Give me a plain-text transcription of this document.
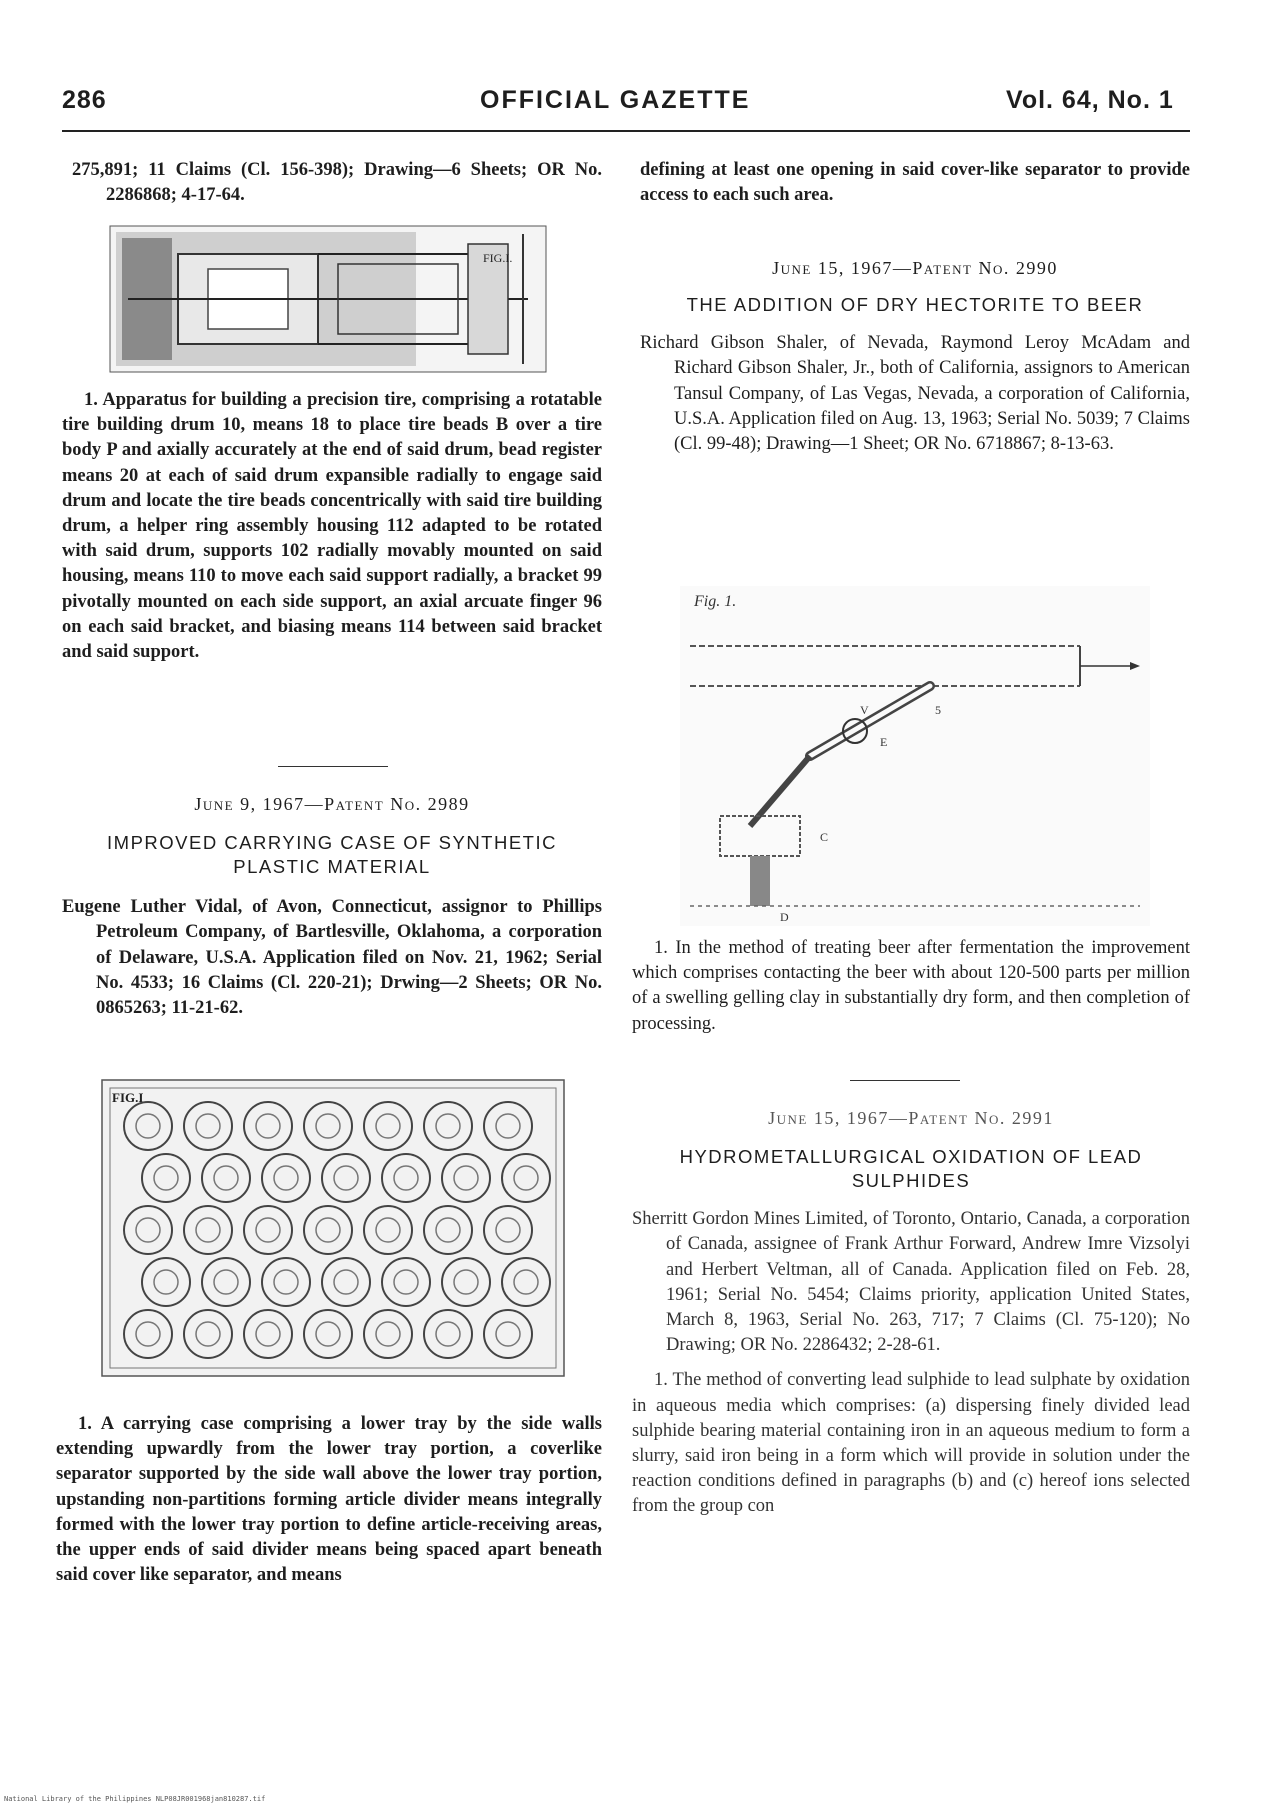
286	OFFICIAL GAZETTE	Vol. 64, No. 1

275,891; 11 Claims (Cl. 156-398); Drawing—6 Sheets; OR No. 2286868; 4-17-64.

FIG.I.

1. Apparatus for building a precision tire, comprising a rotatable tire building drum 10, means 18 to place tire beads B over a tire body P and axially accurately at the end of said drum, bead register means 20 at each of said drum expansible radially to engage said drum and locate the tire beads concentrically with said tire building drum, a helper ring assembly housing 112 adapted to be rotated with said drum, supports 102 radially movably mounted on said housing, means 110 to move each said support radially, a bracket 99 pivotally mounted on each side support, an axial arcuate finger 96 on each said bracket, and biasing means 114 between said bracket and said support.

June 9, 1967—Patent No. 2989

IMPROVED CARRYING CASE OF SYNTHETIC PLASTIC MATERIAL

Eugene Luther Vidal, of Avon, Connecticut, assignor to Phillips Petroleum Company, of Bartlesville, Oklahoma, a corporation of Delaware, U.S.A. Application filed on Nov. 21, 1962; Serial No. 4533; 16 Claims (Cl. 220-21); Drwing—2 Sheets; OR No. 0865263; 11-21-62.

FIG.I

1. A carrying case comprising a lower tray by the side walls extending upwardly from the lower tray portion, a coverlike separator supported by the side wall above the lower tray portion, upstanding non-partitions forming article divider means integrally formed with the lower tray portion to define article-receiving areas, the upper ends of said divider means being spaced apart beneath said cover like separator, and means

defining at least one opening in said cover-like separator to provide access to each such area.

June 15, 1967—Patent No. 2990

THE ADDITION OF DRY HECTORITE TO BEER

Richard Gibson Shaler, of Nevada, Raymond Leroy McAdam and Richard Gibson Shaler, Jr., both of California, assignors to American Tansul Company, of Las Vegas, Nevada, a corporation of California, U.S.A. Application filed on Aug. 13, 1963; Serial No. 5039; 7 Claims (Cl. 99-48); Drawing—1 Sheet; OR No. 6718867; 8-13-63.

Fig. 1.
V	5
E
C
D

1. In the method of treating beer after fermentation the improvement which comprises contacting the beer with about 120-500 parts per million of a swelling gelling clay in substantially dry form, and then completion of processing.

June 15, 1967—Patent No. 2991

HYDROMETALLURGICAL OXIDATION OF LEAD SULPHIDES

Sherritt Gordon Mines Limited, of Toronto, Ontario, Canada, a corporation of Canada, assignee of Frank Arthur Forward, Andrew Imre Vizsolyi and Herbert Veltman, all of Canada. Application filed on Feb. 28, 1961; Serial No. 5454; Claims priority, application United States, March 8, 1963, Serial No. 263, 717; 7 Claims (Cl. 75-120); No Drawing; OR No. 2286432; 2-28-61.

1. The method of converting lead sulphide to lead sulphate by oxidation in aqueous media which comprises: (a) dispersing finely divided lead sulphide bearing material containing iron in an aqueous medium to form a slurry, said iron being in a form which will provide in solution under the reaction conditions defined in paragraphs (b) and (c) hereof ions selected from the group con

National Library of the Philippines NLP08JR001968jan810287.tif
